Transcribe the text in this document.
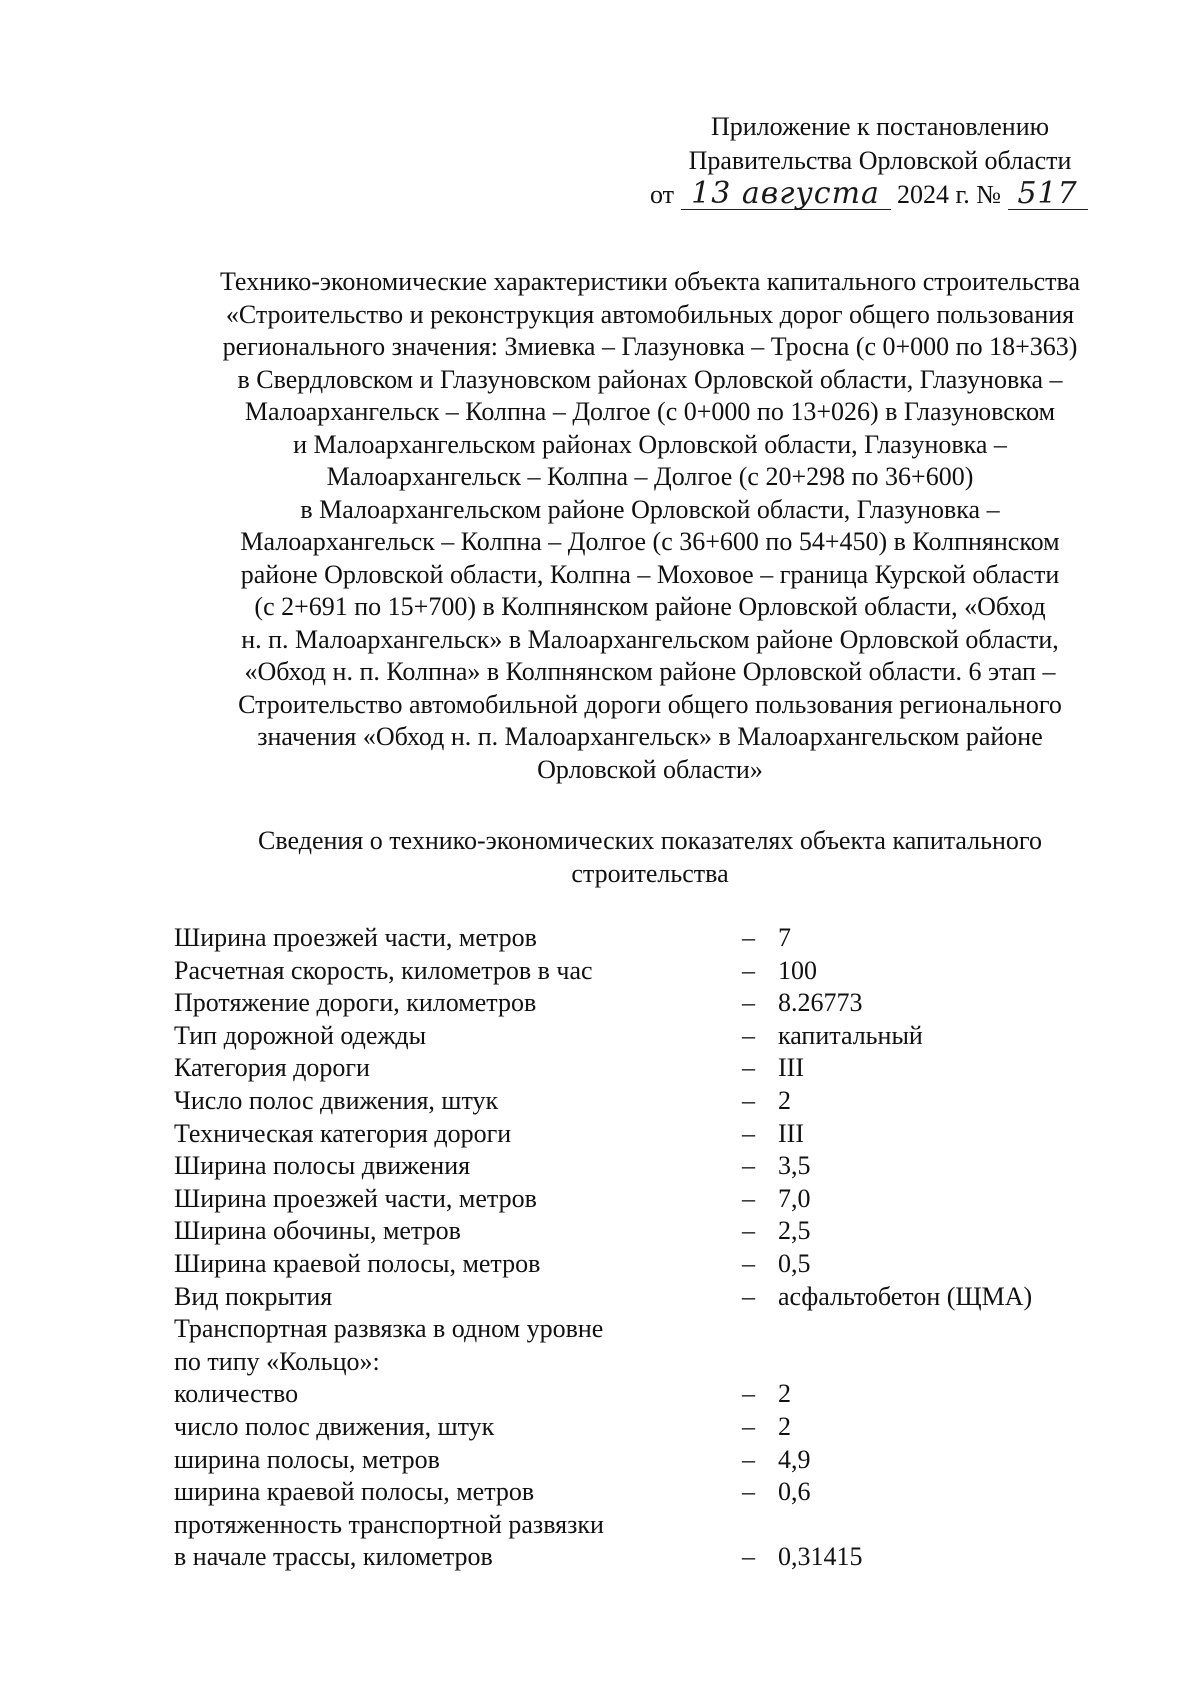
Приложение к постановлению
Правительства Орловской области
от 13 августа 2024 г. № 517
Технико-экономические характеристики объекта капитального строительства
«Строительство и реконструкция автомобильных дорог общего пользования
регионального значения: Змиевка – Глазуновка – Тросна (с 0+000 по 18+363)
в Свердловском и Глазуновском районах Орловской области, Глазуновка –
Малоархангельск – Колпна – Долгое (с 0+000 по 13+026) в Глазуновском
и Малоархангельском районах Орловской области, Глазуновка –
Малоархангельск – Колпна – Долгое (с 20+298 по 36+600)
в Малоархангельском районе Орловской области, Глазуновка –
Малоархангельск – Колпна – Долгое (с 36+600 по 54+450) в Колпнянском
районе Орловской области, Колпна – Моховое – граница Курской области
(с 2+691 по 15+700) в Колпнянском районе Орловской области, «Обход
н. п. Малоархангельск» в Малоархангельском районе Орловской области,
«Обход н. п. Колпна» в Колпнянском районе Орловской области. 6 этап –
Строительство автомобильной дороги общего пользования регионального
значения «Обход н. п. Малоархангельск» в Малоархангельском районе
Орловской области»
Сведения о технико-экономических показателях объекта капитального
строительства
Ширина проезжей части, метров	– 7
Расчетная скорость, километров в час	– 100
Протяжение дороги, километров	– 8.26773
Тип дорожной одежды	– капитальный
Категория дороги	– III
Число полос движения, штук	– 2
Техническая категория дороги	– III
Ширина полосы движения	– 3,5
Ширина проезжей части, метров	– 7,0
Ширина обочины, метров	– 2,5
Ширина краевой полосы, метров	– 0,5
Вид покрытия	– асфальтобетон (ЩМА)
Транспортная развязка в одном уровне
по типу «Кольцо»:
количество	– 2
число полос движения, штук	– 2
ширина полосы, метров	– 4,9
ширина краевой полосы, метров	– 0,6
протяженность транспортной развязки
в начале трассы, километров	– 0,31415
